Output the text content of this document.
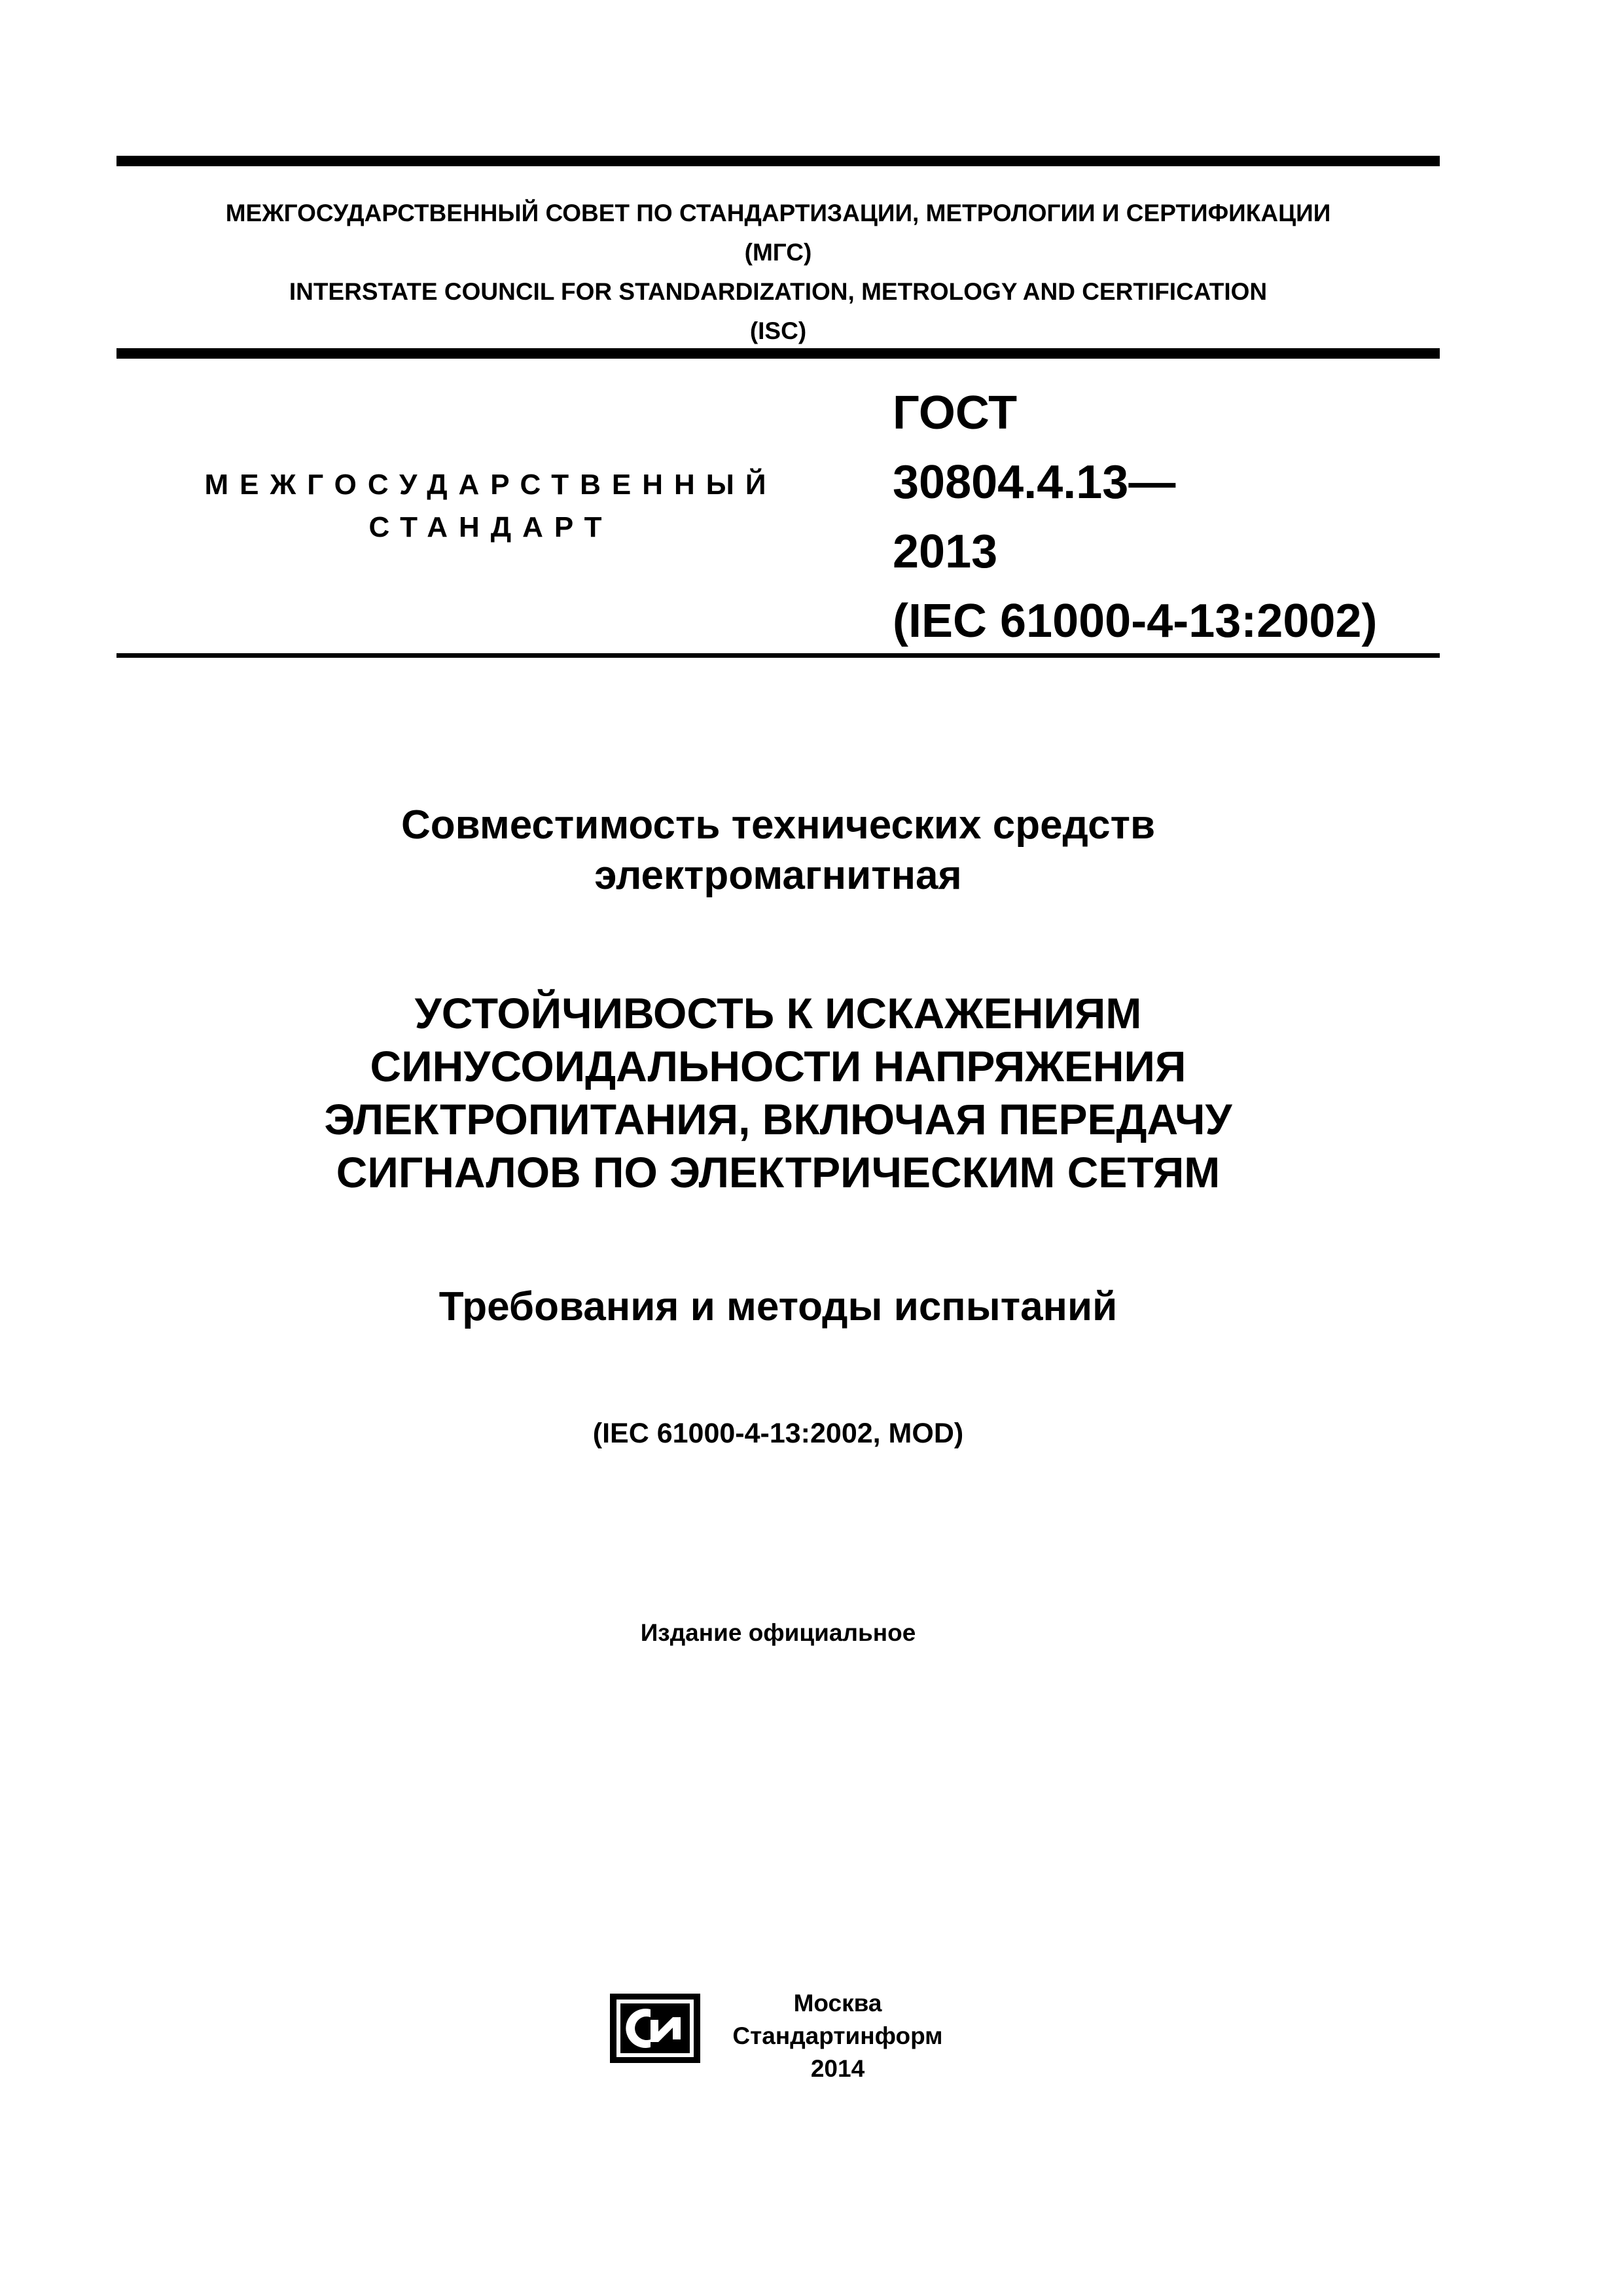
МЕЖГОСУДАРСТВЕННЫЙ СОВЕТ ПО СТАНДАРТИЗАЦИИ, МЕТРОЛОГИИ И СЕРТИФИКАЦИИ
(МГС)
INTERSTATE COUNCIL FOR STANDARDIZATION, METROLOGY AND CERTIFICATION
(ISC)
МЕЖГОСУДАРСТВЕННЫЙ
СТАНДАРТ
ГОСТ
30804.4.13—
2013
(IEC 61000-4-13:2002)
Совместимость технических средств
электромагнитная
УСТОЙЧИВОСТЬ К ИСКАЖЕНИЯМ
СИНУСОИДАЛЬНОСТИ НАПРЯЖЕНИЯ
ЭЛЕКТРОПИТАНИЯ, ВКЛЮЧАЯ ПЕРЕДАЧУ
СИГНАЛОВ ПО ЭЛЕКТРИЧЕСКИМ СЕТЯМ
Требования и методы испытаний
(IEC 61000-4-13:2002, MOD)
Издание официальное
Москва
Стандартинформ
2014
